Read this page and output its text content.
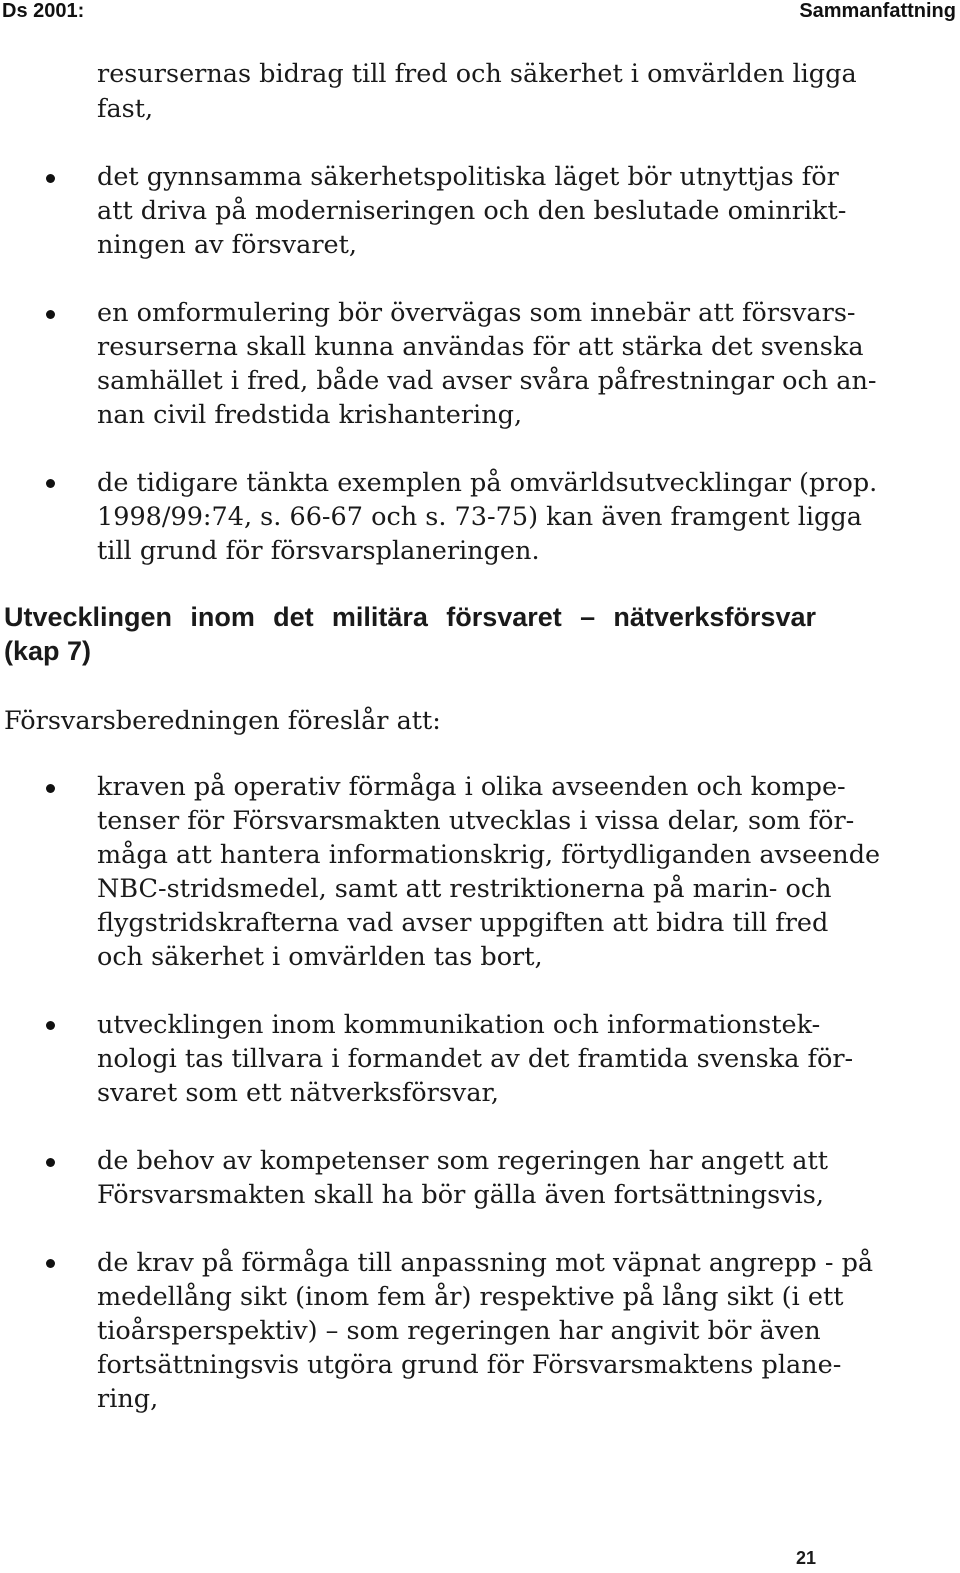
Ds 2001:	Sammanfattning
resursernas bidrag till fred och säkerhet i omvärlden ligga
fast,
det gynnsamma säkerhetspolitiska läget bör utnyttjas för
att driva på moderniseringen och den beslutade ominrikt-
ningen av försvaret,
en omformulering bör övervägas som innebär att försvars-
resurserna skall kunna användas för att stärka det svenska
samhället i fred, både vad avser svåra påfrestningar och an-
nan civil fredstida krishantering,
de tidigare tänkta exemplen på omvärldsutvecklingar (prop.
1998/99:74, s. 66-67 och s. 73-75) kan även framgent ligga
till grund för försvarsplaneringen.
Utvecklingen inom det militära försvaret – nätverksförsvar
(kap 7)
Försvarsberedningen föreslår att:
kraven på operativ förmåga i olika avseenden och kompe-
tenser för Försvarsmakten utvecklas i vissa delar, som för-
måga att hantera informationskrig, förtydliganden avseende
NBC-stridsmedel, samt att restriktionerna på marin- och
flygstridskrafterna vad avser uppgiften att bidra till fred
och säkerhet i omvärlden tas bort,
utvecklingen inom kommunikation och informationstek-
nologi tas tillvara i formandet av det framtida svenska för-
svaret som ett nätverksförsvar,
de behov av kompetenser som regeringen har angett att
Försvarsmakten skall ha bör gälla även fortsättningsvis,
de krav på förmåga till anpassning mot väpnat angrepp - på
medellång sikt (inom fem år) respektive på lång sikt (i ett
tioårsperspektiv) – som regeringen har angivit bör även
fortsättningsvis utgöra grund för Försvarsmaktens plane-
ring,
21
